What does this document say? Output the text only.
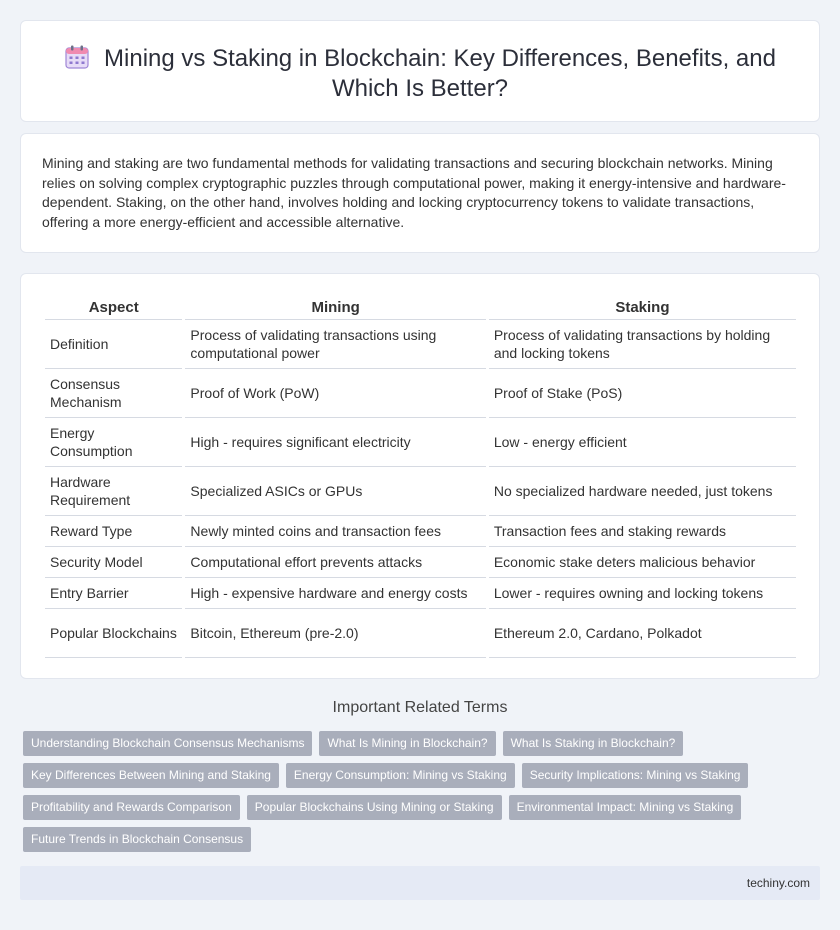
Mining vs Staking in Blockchain: Key Differences, Benefits, and Which Is Better?

Mining and staking are two fundamental methods for validating transactions and securing blockchain networks. Mining relies on solving complex cryptographic puzzles through computational power, making it energy-intensive and hardware-dependent. Staking, on the other hand, involves holding and locking cryptocurrency tokens to validate transactions, offering a more energy-efficient and accessible alternative.

Aspect	Mining	Staking
Definition	Process of validating transactions using computational power	Process of validating transactions by holding and locking tokens
Consensus Mechanism	Proof of Work (PoW)	Proof of Stake (PoS)
Energy Consumption	High - requires significant electricity	Low - energy efficient
Hardware Requirement	Specialized ASICs or GPUs	No specialized hardware needed, just tokens
Reward Type	Newly minted coins and transaction fees	Transaction fees and staking rewards
Security Model	Computational effort prevents attacks	Economic stake deters malicious behavior
Entry Barrier	High - expensive hardware and energy costs	Lower - requires owning and locking tokens
Popular Blockchains	Bitcoin, Ethereum (pre-2.0)	Ethereum 2.0, Cardano, Polkadot
Important Related Terms
Understanding Blockchain Consensus Mechanisms	What Is Mining in Blockchain?	What Is Staking in Blockchain?
Key Differences Between Mining and Staking	Energy Consumption: Mining vs Staking	Security Implications: Mining vs Staking
Profitability and Rewards Comparison	Popular Blockchains Using Mining or Staking	Environmental Impact: Mining vs Staking
Future Trends in Blockchain Consensus
techiny.com
